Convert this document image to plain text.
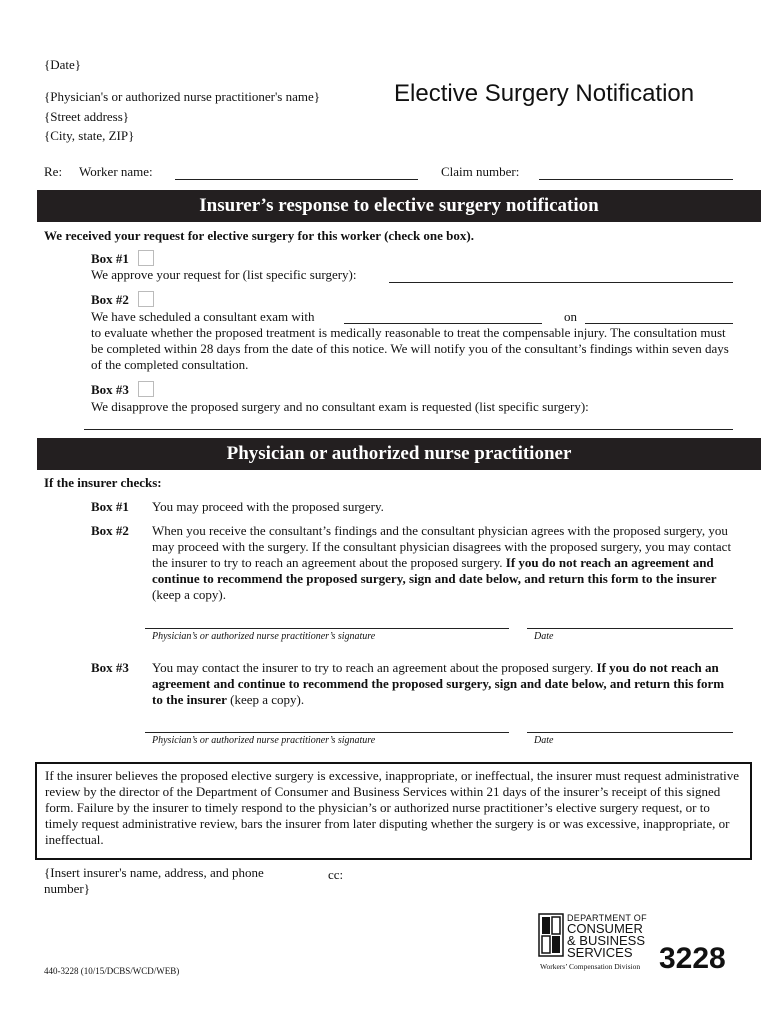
{Date}
{Physician's or authorized nurse practitioner's name}
{Street address}
{City, state, ZIP}
Elective Surgery Notification
Re: Worker name:	Claim number:
Insurer’s response to elective surgery notification
We received your request for elective surgery for this worker (check one box).
Box #1
We approve your request for (list specific surgery):
Box #2
We have scheduled a consultant exam with	on
to evaluate whether the proposed treatment is medically reasonable to treat the compensable injury. The consultation must be completed within 28 days from the date of this notice. We will notify you of the consultant’s findings within seven days of the completed consultation.
Box #3
We disapprove the proposed surgery and no consultant exam is requested (list specific surgery):
Physician or authorized nurse practitioner
If the insurer checks:
Box #1 You may proceed with the proposed surgery.
Box #2 When you receive the consultant’s findings and the consultant physician agrees with the proposed surgery, you may proceed with the surgery. If the consultant physician disagrees with the proposed surgery, you may contact the insurer to try to reach an agreement about the proposed surgery. If you do not reach an agreement and continue to recommend the proposed surgery, sign and date below, and return this form to the insurer (keep a copy).
Physician’s or authorized nurse practitioner’s signature	Date
Box #3 You may contact the insurer to try to reach an agreement about the proposed surgery. If you do not reach an agreement and continue to recommend the proposed surgery, sign and date below, and return this form to the insurer (keep a copy).
Physician’s or authorized nurse practitioner’s signature	Date
If the insurer believes the proposed elective surgery is excessive, inappropriate, or ineffectual, the insurer must request administrative review by the director of the Department of Consumer and Business Services within 21 days of the insurer’s receipt of this signed form. Failure by the insurer to timely respond to the physician’s or authorized nurse practitioner’s elective surgery request, or to timely request administrative review, bars the insurer from later disputing whether the surgery is or was excessive, inappropriate, or ineffectual.
{Insert insurer's name, address, and phone number}
cc:
DEPARTMENT OF
CONSUMER
& BUSINESS
SERVICES
Workers’ Compensation Division
440-3228 (10/15/DCBS/WCD/WEB)	3228
